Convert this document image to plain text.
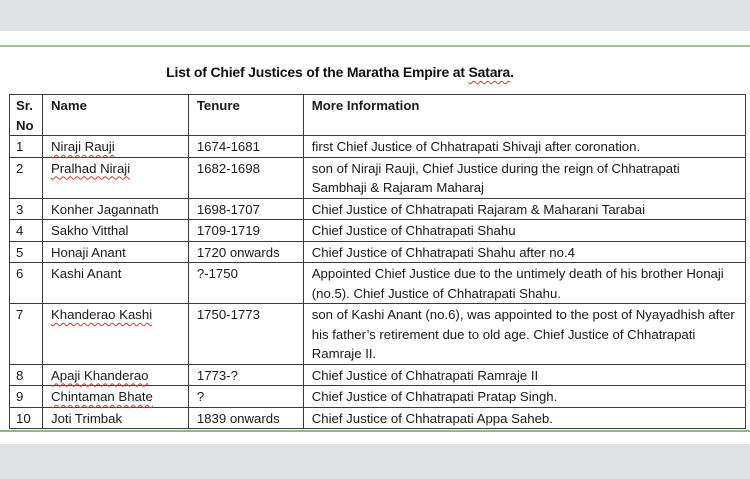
List of Chief Justices of the Maratha Empire at Satara.
Sr.
No	Name	Tenure	More Information
1	Niraji Rauji	1674-1681	first Chief Justice of Chhatrapati Shivaji after coronation.
2	Pralhad Niraji	1682-1698	son of Niraji Rauji, Chief Justice during the reign of Chhatrapati Sambhaji & Rajaram Maharaj
3	Konher Jagannath	1698-1707	Chief Justice of Chhatrapati Rajaram & Maharani Tarabai
4	Sakho Vitthal	1709-1719	Chief Justice of Chhatrapati Shahu
5	Honaji Anant	1720 onwards	Chief Justice of Chhatrapati Shahu after no.4
6	Kashi Anant	?-1750	Appointed Chief Justice due to the untimely death of his brother Honaji (no.5). Chief Justice of Chhatrapati Shahu.
7	Khanderao Kashi	1750-1773	son of Kashi Anant (no.6), was appointed to the post of Nyayadhish after his father’s retirement due to old age. Chief Justice of Chhatrapati Ramraje II.
8	Apaji Khanderao	1773-?	Chief Justice of Chhatrapati Ramraje II
9	Chintaman Bhate	?	Chief Justice of Chhatrapati Pratap Singh.
10	Joti Trimbak	1839 onwards	Chief Justice of Chhatrapati Appa Saheb.
